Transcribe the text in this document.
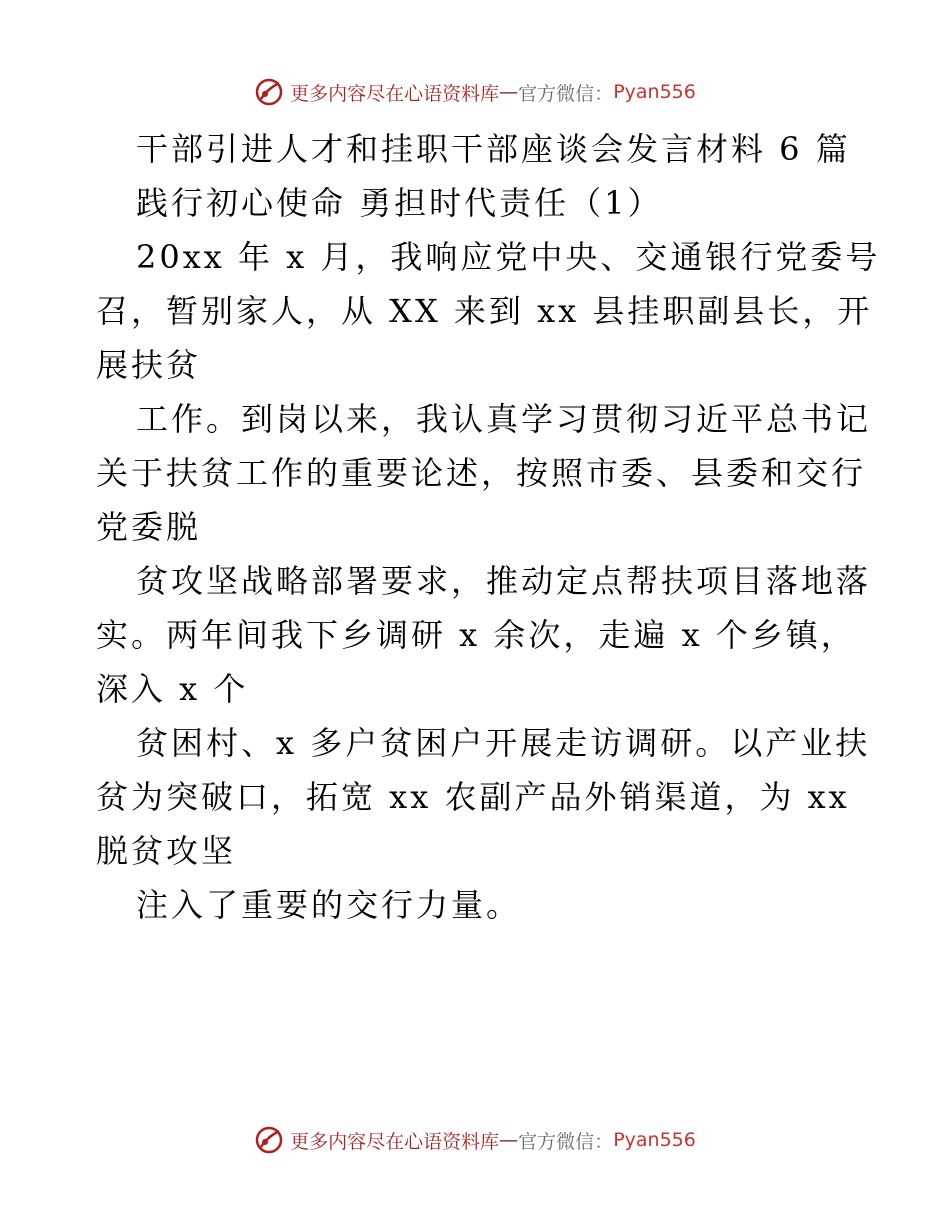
更多内容尽在心语资料库 — 官方微信： Pyan556
干部引进人才和挂职干部座谈会发言材料 6 篇
践行初心使命 勇担时代责任（1）
20xx 年 x 月，我响应党中央、交通银行党委号
召，暂别家人，从 XX 来到 xx 县挂职副县长，开
展扶贫
工作。到岗以来，我认真学习贯彻习近平总书记
关于扶贫工作的重要论述，按照市委、县委和交行
党委脱
贫攻坚战略部署要求，推动定点帮扶项目落地落
实。两年间我下乡调研 x 余次，走遍 x 个乡镇，
深入 x 个
贫困村、x 多户贫困户开展走访调研。以产业扶
贫为突破口，拓宽 xx 农副产品外销渠道，为 xx
脱贫攻坚
注入了重要的交行力量。
更多内容尽在心语资料库 — 官方微信： Pyan556
